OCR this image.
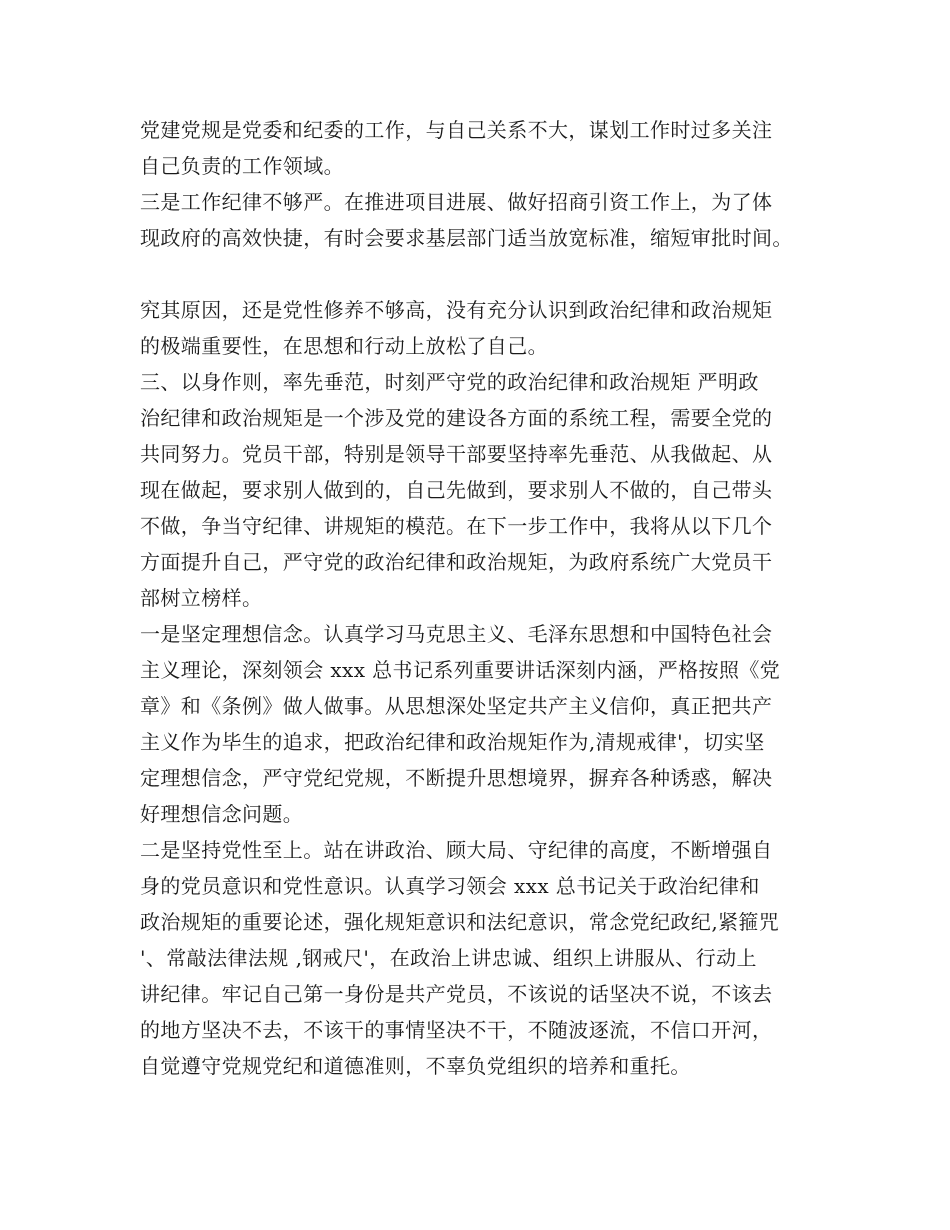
党建党规是党委和纪委的工作，与自己关系不大，谋划工作时过多关注
自己负责的工作领域。
三是工作纪律不够严。在推进项目进展、做好招商引资工作上，为了体
现政府的高效快捷，有时会要求基层部门适当放宽标准，缩短审批时间。
究其原因，还是党性修养不够高，没有充分认识到政治纪律和政治规矩
的极端重要性，在思想和行动上放松了自己。
三、以身作则，率先垂范，时刻严守党的政治纪律和政治规矩 严明政
治纪律和政治规矩是一个涉及党的建设各方面的系统工程，需要全党的
共同努力。党员干部，特别是领导干部要坚持率先垂范、从我做起、从
现在做起，要求别人做到的，自己先做到，要求别人不做的，自己带头
不做，争当守纪律、讲规矩的模范。在下一步工作中，我将从以下几个
方面提升自己，严守党的政治纪律和政治规矩，为政府系统广大党员干
部树立榜样。
一是坚定理想信念。认真学习马克思主义、毛泽东思想和中国特色社会
主义理论，深刻领会 xxx 总书记系列重要讲话深刻内涵，严格按照《党
章》和《条例》做人做事。从思想深处坚定共产主义信仰，真正把共产
主义作为毕生的追求，把政治纪律和政治规矩作为‚清规戒律'，切实坚
定理想信念，严守党纪党规，不断提升思想境界，摒弃各种诱惑，解决
好理想信念问题。
二是坚持党性至上。站在讲政治、顾大局、守纪律的高度，不断增强自
身的党员意识和党性意识。认真学习领会 xxx 总书记关于政治纪律和
政治规矩的重要论述，强化规矩意识和法纪意识，常念党纪政纪‚紧箍咒
'、常敲法律法规 ‚钢戒尺'，在政治上讲忠诚、组织上讲服从、行动上
讲纪律。牢记自己第一身份是共产党员，不该说的话坚决不说，不该去
的地方坚决不去，不该干的事情坚决不干，不随波逐流，不信口开河，
自觉遵守党规党纪和道德准则，不辜负党组织的培养和重托。
